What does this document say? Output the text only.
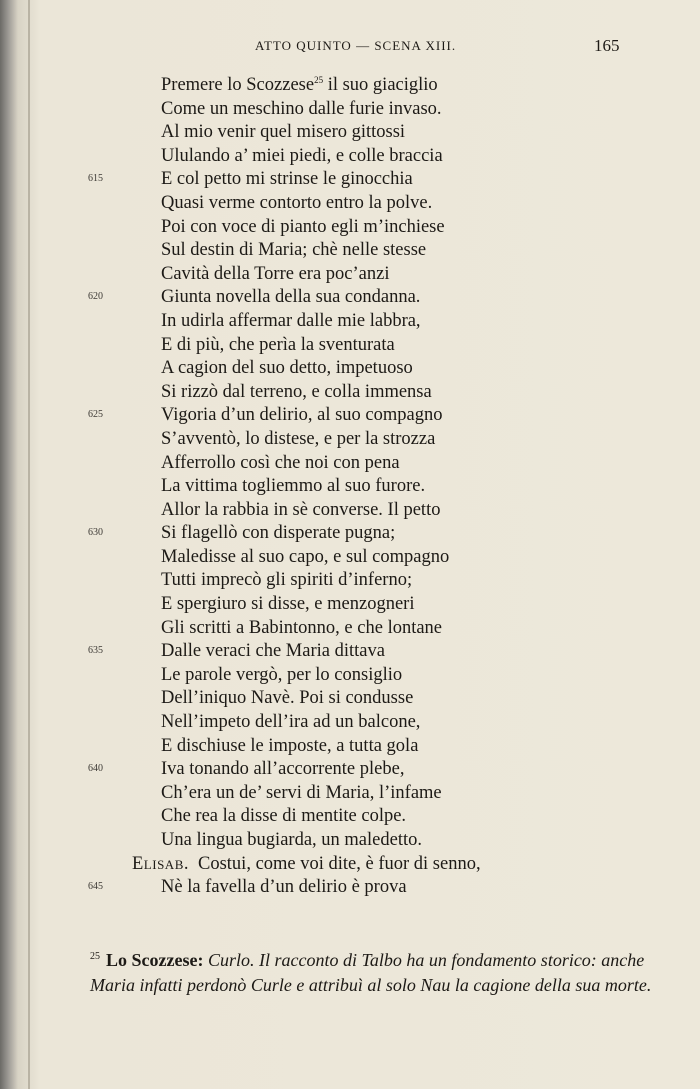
ATTO QUINTO — SCENA XIII.	165
Premere lo Scozzese$^{25}$ il suo giaciglio
Come un meschino dalle furie invaso.
Al mio venir quel misero gittossi
Ululando a’ miei piedi, e colle braccia
615	E col petto mi strinse le ginocchia
Quasi verme contorto entro la polve.
Poi con voce di pianto egli m’inchiese
Sul destin di Maria; chè nelle stesse
Cavità della Torre era poc’anzi
620	Giunta novella della sua condanna.
In udirla affermar dalle mie labbra,
E di più, che perìa la sventurata
A cagion del suo detto, impetuoso
Si rizzò dal terreno, e colla immensa
625	Vigoria d’un delirio, al suo compagno
S’avventò, lo distese, e per la strozza
Afferrollo così che noi con pena
La vittima togliemmo al suo furore.
Allor la rabbia in sè converse. Il petto
630	Si flagellò con disperate pugna;
Maledisse al suo capo, e sul compagno
Tutti imprecò gli spiriti d’inferno;
E spergiuro si disse, e menzogneri
Gli scritti a Babintonno, e che lontane
635	Dalle veraci che Maria dittava
Le parole vergò, per lo consiglio
Dell’iniquo Navè. Poi si condusse
Nell’impeto dell’ira ad un balcone,
E dischiuse le imposte, a tutta gola
640	Iva tonando all’accorrente plebe,
Ch’era un de’ servi di Maria, l’infame
Che rea la disse di mentite colpe.
Una lingua bugiarda, un maledetto.
Elisab. Costui, come voi dite, è fuor di senno,
645	Nè la favella d’un delirio è prova
$^{25}$ Lo Scozzese: Curlo. Il racconto di Talbo ha un fondamento storico: anche Maria infatti perdonò Curle e attribuì al solo Nau la cagione della sua morte.
